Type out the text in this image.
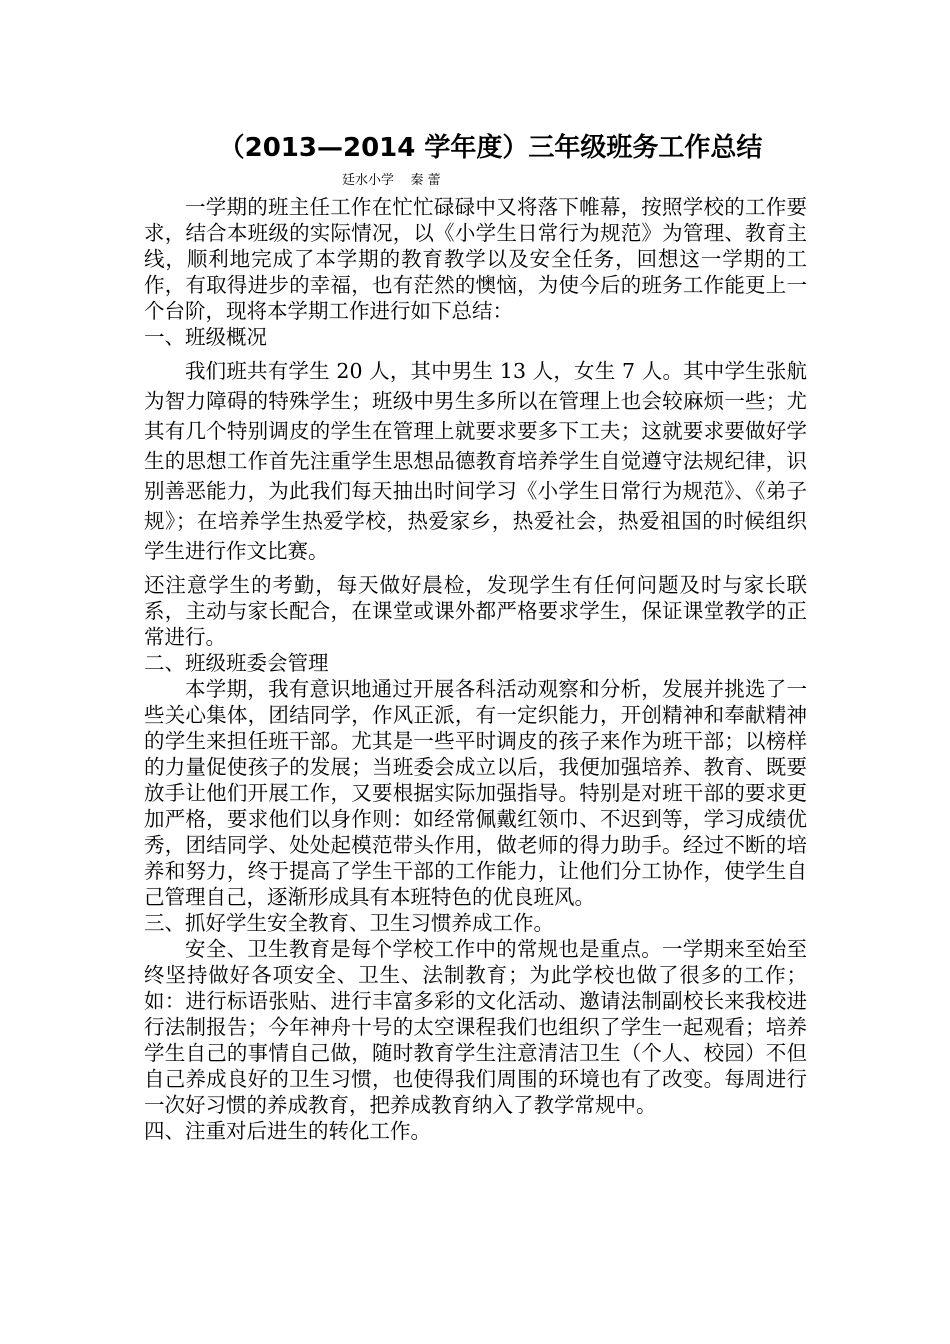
（2013—2014 学年度）三年级班务工作总结
廷水小学    秦 蕾

一学期的班主任工作在忙忙碌碌中又将落下帷幕，按照学校的工作要求，结合本班级的实际情况，以《小学生日常行为规范》为管理、教育主线，顺利地完成了本学期的教育教学以及安全任务，回想这一学期的工作，有取得进步的幸福，也有茫然的懊恼，为使今后的班务工作能更上一个台阶，现将本学期工作进行如下总结：

一、班级概况

我们班共有学生 20 人，其中男生 13 人，女生 7 人。其中学生张航为智力障碍的特殊学生；班级中男生多所以在管理上也会较麻烦一些；尤其有几个特别调皮的学生在管理上就要求要多下工夫；这就要求要做好学生的思想工作首先注重学生思想品德教育培养学生自觉遵守法规纪律，识别善恶能力，为此我们每天抽出时间学习《小学生日常行为规范》、《弟子规》；在培养学生热爱学校，热爱家乡，热爱社会，热爱祖国的时候组织学生进行作文比赛。

还注意学生的考勤，每天做好晨检，发现学生有任何问题及时与家长联系，主动与家长配合，在课堂或课外都严格要求学生，保证课堂教学的正常进行。

二、班级班委会管理

本学期，我有意识地通过开展各科活动观察和分析，发展并挑选了一些关心集体，团结同学，作风正派，有一定织能力，开创精神和奉献精神的学生来担任班干部。尤其是一些平时调皮的孩子来作为班干部；以榜样的力量促使孩子的发展；当班委会成立以后，我便加强培养、教育、既要放手让他们开展工作，又要根据实际加强指导。特别是对班干部的要求更加严格，要求他们以身作则：如经常佩戴红领巾、不迟到等，学习成绩优秀，团结同学、处处起模范带头作用，做老师的得力助手。经过不断的培养和努力，终于提高了学生干部的工作能力，让他们分工协作，使学生自己管理自己，逐渐形成具有本班特色的优良班风。

三、抓好学生安全教育、卫生习惯养成工作。

安全、卫生教育是每个学校工作中的常规也是重点。一学期来至始至终坚持做好各项安全、卫生、法制教育；为此学校也做了很多的工作；如：进行标语张贴、进行丰富多彩的文化活动、邀请法制副校长来我校进行法制报告；今年神舟十号的太空课程我们也组织了学生一起观看；培养学生自己的事情自己做，随时教育学生注意清洁卫生（个人、校园）不但自己养成良好的卫生习惯，也使得我们周围的环境也有了改变。每周进行一次好习惯的养成教育，把养成教育纳入了教学常规中。

四、注重对后进生的转化工作。
